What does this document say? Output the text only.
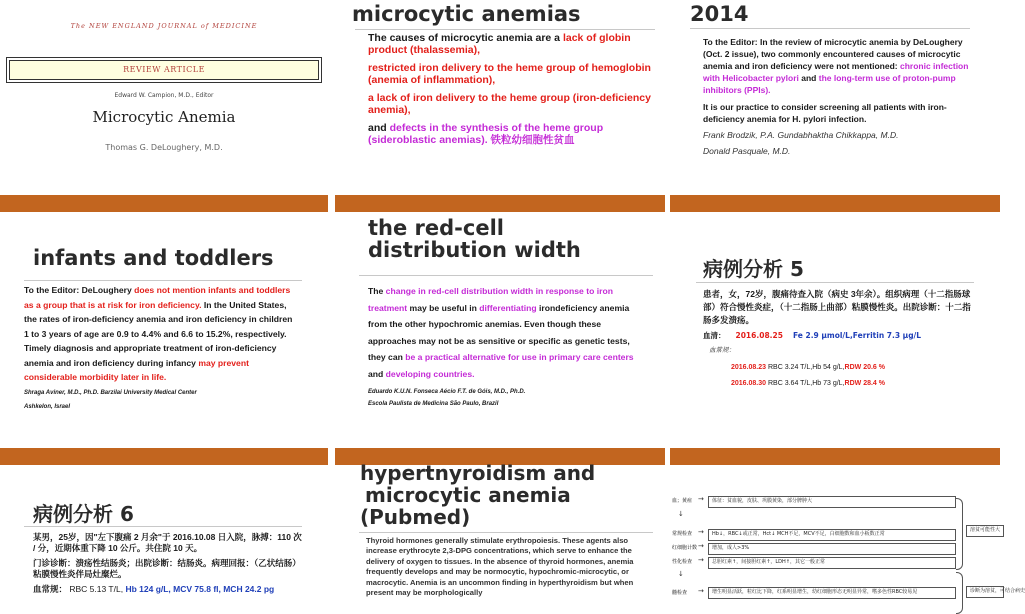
The NEW ENGLAND JOURNAL of MEDICINE
REVIEW ARTICLE
Edward W. Campion, M.D., Editor
Microcytic Anemia
Thomas G. DeLoughery, M.D.
microcytic anemias
The causes of microcytic anemia are a lack of globin product (thalassemia),
restricted iron delivery to the heme group of hemoglobin (anemia of inflammation),
a lack of iron delivery to the heme group (iron-deficiency anemia),
and defects in the synthesis of the heme group (sideroblastic anemias). 铁粒幼细胞性贫血
2014
To the Editor: In the review of microcytic anemia by DeLoughery (Oct. 2 issue), two commonly encountered causes of microcytic anemia and iron deficiency were not mentioned: chronic infection with Helicobacter pylori and the long-term use of proton-pump inhibitors (PPIs).
It is our practice to consider screening all patients with iron-deficiency anemia for H. pylori infection.
Frank Brodzik, P.A. Gundabhaktha Chikkappa, M.D.
Donald Pasquale, M.D.
infants and toddlers
To the Editor: DeLoughery does not mention infants and toddlers as a group that is at risk for iron deficiency. In the United States, the rates of iron-deficiency anemia and iron deficiency in children 1 to 3 years of age are 0.9 to 4.4% and 6.6 to 15.2%, respectively. Timely diagnosis and appropriate treatment of iron-deficiency anemia and iron deficiency during infancy may prevent considerable morbidity later in life.
Shraga Aviner, M.D., Ph.D. Barzilai University Medical Center
Ashkelon, Israel
the red-cell
distribution width
The change in red-cell distribution width in response to iron treatment may be useful in differentiating irondeficiency anemia from the other hypochromic anemias. Even though these approaches may not be as sensitive or specific as genetic tests, they can be a practical alternative for use in primary care centers and developing countries.
Eduardo K.U.N. Fonseca Aécio F.T. de Góis, M.D., Ph.D.
Escola Paulista de Medicina São Paulo, Brazil
病例分析 5
患者，女，72岁，腹痛待查入院（病史 3年余）。组织病理（十二指肠球部）符合慢性炎症，（十二指肠上曲部）粘膜慢性炎。出院诊断：十二指肠多发溃疡。
血清： 2016.08.25 Fe 2.9 μmol/L,Ferritin 7.3 μg/L
血常规：
2016.08.23 RBC 3.24 T/L,Hb 54 g/L,RDW 20.6 %
2016.08.30 RBC 3.64 T/L,Hb 73 g/L,RDW 28.4 %
病例分析 6
某男，25岁，因"左下腹痛 2 月余"于 2016.10.08 日入院，脉搏：110 次 / 分，近期体重下降 10 公斤。共住院 10 天。
门诊诊断：溃疡性结肠炎；出院诊断：结肠炎。病理回报：（乙状结肠）粘膜慢性炎伴局灶糜烂。
血常规： RBC 5.13 T/L, Hb 124 g/L, MCV 75.8 fl, MCH 24.2 pg
hypertnyroidism and
microcytic anemia
(Pubmed)
Thyroid hormones generally stimulate erythropoiesis. These agents also increase erythrocyte 2,3-DPG concentrations, which serve to enhance the delivery of oxygen to tissues. In the absence of thyroid hormones, anemia frequently develops and may be normocytic, hypochromic-microcytic, or macrocytic. Anemia is an uncommon finding in hyperthyroidism but when present may be morphologically
血；黄疸 →	体征：贫血貌，皮肤、巩膜黄染，部分脾肿大
↓
常规检查 →	Hb↓，RBC↓或正常，Hct↓ MCH不足，MCV不足，白细胞数和血小板数正常
红细胞计数 →	增加，成人>3%
性化检查 →	总胆红素↑，间接胆红素↑，LDH↑，其它一般正常
溶贫可能性大
↓
髓检查 →	增生明显活跃，粒红比下降，红系明显增生，幼红细胞形态无明显异常，嗜多色性RBC较易见	诊断为溶贫，可结合病史
